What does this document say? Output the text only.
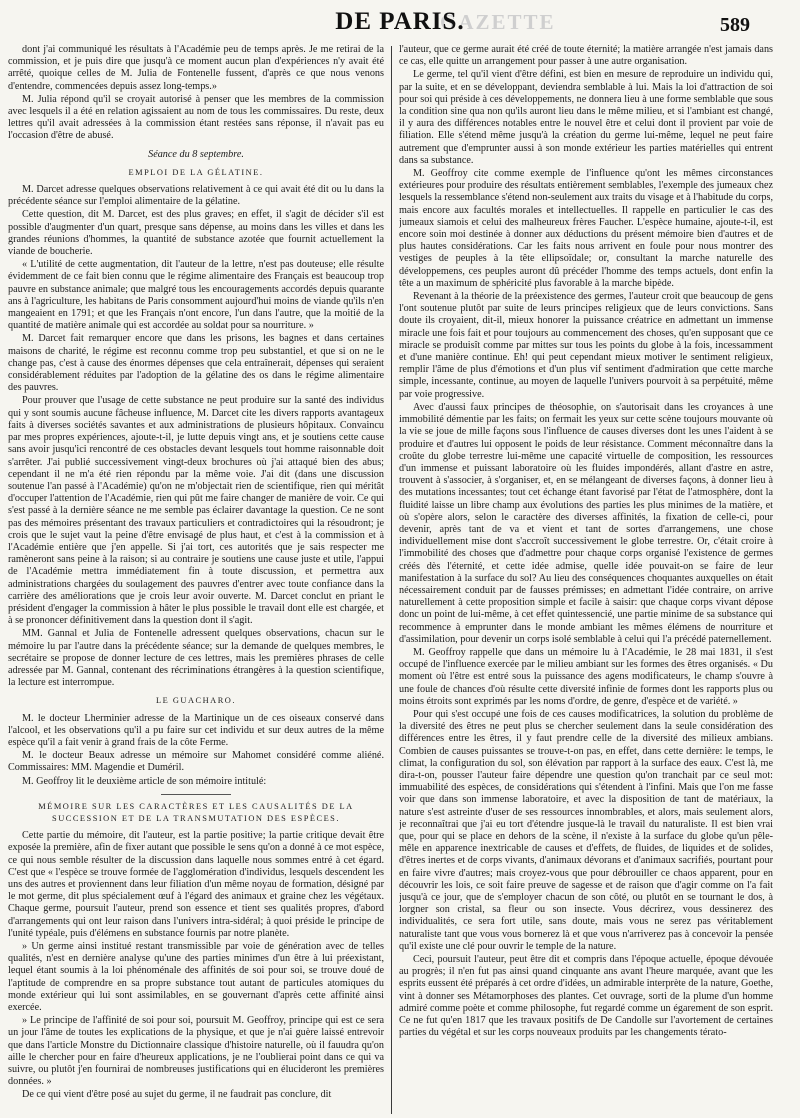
GAZETTE
DE PARIS.	589

dont j'ai communiqué les résultats à l'Académie peu de temps après. Je me retirai de la commission, et je puis dire que jusqu'à ce moment aucun plan d'expériences n'y avait été arrêté, quoique celles de M. Julia de Fontenelle fussent, d'après ce que nous venons d'entendre, commencées depuis assez long-temps.»

M. Julia répond qu'il se croyait autorisé à penser que les membres de la commission avec lesquels il a été en relation agissaient au nom de tous les commissaires. Du reste, deux lettres qu'il avait adressées à la commission étant restées sans réponse, il n'avait pas eu l'occasion d'être de abusé.

Séance du 8 septembre.

EMPLOI DE LA GÉLATINE.

M. Darcet adresse quelques observations relativement à ce qui avait été dit ou lu dans la précédente séance sur l'emploi alimentaire de la gélatine.

Cette question, dit M. Darcet, est des plus graves; en effet, il s'agit de décider s'il est possible d'augmenter d'un quart, presque sans dépense, au moins dans les villes et dans les grandes réunions d'hommes, la quantité de substance azotée que fournit actuellement la viande de boucherie.

« L'utilité de cette augmentation, dit l'auteur de la lettre, n'est pas douteuse; elle résulte évidemment de ce fait bien connu que le régime alimentaire des Français est beaucoup trop pauvre en substance animale; que malgré tous les encouragements accordés depuis quarante ans à l'agriculture, les habitans de Paris consomment aujourd'hui moins de viande qu'ils n'en mangeaient en 1791; et que les Français n'ont encore, l'un dans l'autre, que la moitié de la quantité de matière animale qui est accordée au soldat pour sa nourriture. »

M. Darcet fait remarquer encore que dans les prisons, les bagnes et dans certaines maisons de charité, le régime est reconnu comme trop peu substantiel, et que si on ne le change pas, c'est à cause des énormes dépenses que cela entraînerait, dépenses qui seraient considérablement réduites par l'adoption de la gélatine des os dans le régime alimentaire des pauvres.

Pour prouver que l'usage de cette substance ne peut produire sur la santé des individus qui y sont soumis aucune fâcheuse influence, M. Darcet cite les divers rapports avantageux faits à diverses sociétés savantes et aux administrations de plusieurs hôpitaux. Convaincu par mes propres expériences, ajoute-t-il, je lutte depuis vingt ans, et je soutiens cette cause sans avoir jusqu'ici rencontré de ces obstacles devant lesquels tout homme raisonnable doit s'arrêter. J'ai publié successivement vingt-deux brochures où j'ai attaqué bien des abus; cependant il ne m'a été rien répondu par la même voie. J'ai dit (dans une discussion soutenue l'an passé à l'Académie) qu'on ne m'objectait rien de scientifique, rien qui méritât d'occuper l'attention de l'Académie, rien qui pût me faire changer de manière de voir. Ce qui s'est passé à la dernière séance ne me semble pas éclairer davantage la question. Ce ne sont pas des mémoires présentant des travaux particuliers et contradictoires qui la résoudront; je crois que le sujet vaut la peine d'être envisagé de plus haut, et c'est à la commission et à l'Académie entière que j'en appelle. Si j'ai tort, ces autorités que je sais respecter me ramèneront sans peine à la raison; si au contraire je soutiens une cause juste et utile, l'appui de l'Académie mettra immédiatement fin à toute discussion, et permettra aux administrations chargées du soulagement des pauvres d'entrer avec toute confiance dans la carrière des améliorations que je crois leur avoir ouverte. M. Darcet conclut en priant le président d'engager la commission à hâter le plus possible le travail dont elle est chargée, et à se prononcer définitivement dans la question dont il s'agit.

MM. Gannal et Julia de Fontenelle adressent quelques observations, chacun sur le mémoire lu par l'autre dans la précédente séance; sur la demande de quelques membres, le secrétaire se propose de donner lecture de ces lettres, mais les premières phrases de celle adressée par M. Gannal, contenant des récriminations étrangères à la question scientifique, la lecture est interrompue.

LE GUACHARO.

M. le docteur Lherminier adresse de la Martinique un de ces oiseaux conservé dans l'alcool, et les observations qu'il a pu faire sur cet individu et sur deux autres de la même espèce qu'il a fait venir à grand frais de la côte Ferme.

M. le docteur Beaux adresse un mémoire sur Mahomet considéré comme aliéné. Commissaires: MM. Magendie et Duméril.

M. Geoffroy lit le deuxième article de son mémoire intitulé:

MÉMOIRE SUR LES CARACTÈRES ET LES CAUSALITÉS DE LA SUCCESSION ET DE LA TRANSMUTATION DES ESPÈCES.

Cette partie du mémoire, dit l'auteur, est la partie positive; la partie critique devait être exposée la première, afin de fixer autant que possible le sens qu'on a donné à ce mot espèce, ce qui nous semble résulter de la discussion dans laquelle nous sommes entré à cet égard. C'est que « l'espèce se trouve formée de l'agglomération d'individus, lesquels descendent les uns des autres et proviennent dans leur filiation d'un même noyau de formation, désigné par le mot germe, dit plus spécialement œuf à l'égard des animaux et graine chez les végétaux. Chaque germe, poursuit l'auteur, prend son essence et tient ses qualités propres, d'abord d'arrangements qui ont leur raison dans l'univers intra-sidéral; à quoi préside le principe de l'unité typéale, puis d'élémens en substance fournis par notre planète.

» Un germe ainsi institué restant transmissible par voie de génération avec de telles qualités, n'est en dernière analyse qu'une des parties minimes d'un être à lui préexistant, lequel étant soumis à la loi phénoménale des affinités de soi pour soi, se trouve doué de l'aptitude de comprendre en sa propre substance tout autant de particules atomiques du monde extérieur qui lui sont assimilables, en se gouvernant d'après cette affinité ainsi exercée.

» Le principe de l'affinité de soi pour soi, poursuit M. Geoffroy, principe qui est ce sera un jour l'âme de toutes les explications de la physique, et que je n'ai guère laissé entrevoir que dans l'article Monstre du Dictionnaire classique d'histoire naturelle, où il fauudra qu'on aille le chercher pour en faire d'heureux applications, je ne l'oublierai point dans ce qui va suivre, ou plutôt j'en fournirai de nombreuses justifications qui en élucideront les premières données. »

De ce qui vient d'être posé au sujet du germe, il ne faudrait pas conclure, dit

l'auteur, que ce germe aurait été créé de toute éternité; la matière arrangée n'est jamais dans ce cas, elle quitte un arrangement pour passer à une autre organisation.

Le germe, tel qu'il vient d'être défini, est bien en mesure de reproduire un individu qui, par la suite, et en se développant, deviendra semblable à lui. Mais la loi d'attraction de soi pour soi qui préside à ces développements, ne donnera lieu à une forme semblable que sous la condition sine qua non qu'ils auront lieu dans le même milieu, et si l'ambiant est changé, il y aura des différences notables entre le nouvel être et celui dont il provient par voie de filiation. Elle s'étend même jusqu'à la création du germe lui-même, lequel ne peut faire autrement que d'emprunter aussi à son monde extérieur les parties matérielles qui entrent dans sa substance.

M. Geoffroy cite comme exemple de l'influence qu'ont les mêmes circonstances extérieures pour produire des résultats entièrement semblables, l'exemple des jumeaux chez lesquels la ressemblance s'étend non-seulement aux traits du visage et à l'habitude du corps, mais encore aux facultés morales et intellectuelles. Il rappelle en particulier le cas des jumeaux siamois et celui des malheureux frères Faucher. L'espèce humaine, ajoute-t-il, est encore soin moi destinée à donner aux déductions du présent mémoire bien d'autres et de plus hautes considérations. Car les faits nous arrivent en foule pour nous montrer des vestiges de peuples à la tête ellipsoïdale; or, consultant la marche naturelle des développemens, ces peuples auront dû précéder l'homme des temps actuels, dont enfin la tête a un maximum de sphéricité plus favorable à la marche bipède.

Revenant à la théorie de la préexistence des germes, l'auteur croit que beaucoup de gens l'ont soutenue plutôt par suite de leurs principes religieux que de leurs convictions. Sans doute ils croyaient, dit-il, mieux honorer la puissance créatrice en admettant un immense miracle une fois fait et pour toujours au commencement des choses, qu'en supposant que ce miracle se produisît comme par mittes sur tous les points du globe à la fois, incessamment et d'une manière continue. Eh! qui peut cependant mieux motiver le sentiment religieux, remplir l'âme de plus d'émotions et d'un plus vif sentiment d'admiration que cette marche simple, incessante, continue, au moyen de laquelle l'univers pourvoit à sa perpétuité, même par voie progressive.

Avec d'aussi faux principes de théosophie, on s'autorisait dans les croyances à une immobilité démentie par les faits; on fermait les yeux sur cette scène toujours mouvante où la vie se joue de mille façons sous l'influence de causes diverses dont les unes l'aident à se produire et d'autres lui opposent le poids de leur résistance. Comment méconnaître dans la croûte du globe terrestre lui-même une capacité virtuelle de composition, les ressources d'un immense et puissant laboratoire où les fluides impondérés, allant d'astre en astre, trouvent à s'associer, à s'organiser, et, en se mélangeant de diverses façons, à donner lieu à des mutations incessantes; tout cet échange étant favorisé par l'état de l'atmosphère, dont la fluidité laisse un libre champ aux évolutions des parties les plus minimes de la matière, et où s'opère alors, selon le caractère des diverses affinités, la fixation de celle-ci, pour devenir, après tant de va et vient et tant de sortes d'arrangemens, une chose individuellement mise dont s'accroît successivement le globe terrestre. Or, c'était croire à l'immobilité des choses que d'admettre pour chaque corps organisé l'existence de germes créés dès l'éternité, et cette idée admise, quelle idée pouvait-on se faire de leur manifestation à la surface du sol? Au lieu des conséquences choquantes auxquelles on était nécessairement conduit par de fausses prémisses; en admettant l'idée contraire, on arrive naturellement à cette proposition simple et facile à saisir: que chaque corps vivant dépose donc un point de lui-même, à cet effet quintessencié, une partie minime de sa substance qui recommence à emprunter dans le monde ambiant les mêmes élémens de nourriture et d'assimilation, pour devenir un corps isolé semblable à celui qui l'a précédé paternellement.

M. Geoffroy rappelle que dans un mémoire lu à l'Académie, le 28 mai 1831, il s'est occupé de l'influence exercée par le milieu ambiant sur les formes des êtres organisés. « Du moment où l'être est entré sous la puissance des agens modificateurs, le champ s'ouvre à une foule de chances d'où résulte cette diversité infinie de formes dont les rapports plus ou moins étroits sont exprimés par les noms d'ordre, de genre, d'espèce et de variété. »

Pour qui s'est occupé une fois de ces causes modificatrices, la solution du problème de la diversité des êtres ne peut plus se chercher seulement dans la seule considération des différences entre les êtres, il y faut prendre celle de la diversité des milieux ambians. Combien de causes puissantes se trouve-t-on pas, en effet, dans cette dernière: le temps, le climat, la configuration du sol, son élévation par rapport à la surface des eaux. C'est là, me dira-t-on, pousser l'auteur faire dépendre une question qu'on tranchait par ce seul mot: immuabilité des espèces, de considérations qui s'étendent à l'infini. Mais que l'on me fasse voir que dans son immense laboratoire, et avec la disposition de tant de matériaux, la nature s'est astreinte d'user de ses ressources innombrables, et alors, mais seulement alors, je reconnaîtrai que j'ai eu tort d'étendre jusque-là le travail du naturaliste. Il est bien vrai que, pour qui se place en dehors de la scène, il n'existe à la surface du globe qu'un pêle-mêle en apparence inextricable de causes et d'effets, de fluides, de liquides et de solides, d'êtres inertes et de corps vivants, d'animaux dévorans et d'animaux sacrifiés, pourtant pour en faire vivre d'autres; mais croyez-vous que pour débrouiller ce chaos apparent, pour en découvrir les lois, ce soit faire preuve de sagesse et de raison que d'agir comme on l'a fait jusqu'à ce jour, que de s'employer chacun de son côté, ou plutôt en se tournant le dos, à lorgner son cristal, sa fleur ou son insecte. Vous décrirez, vous dessinerez des individualités, ce sera fort utile, sans doute, mais vous ne serez pas véritablement naturaliste tant que vous vous bornerez là et que vous n'arriverez pas à concevoir la pensée qu'il existe une clé pour ouvrir le temple de la nature.

Ceci, poursuit l'auteur, peut être dit et compris dans l'époque actuelle, époque dévouée au progrès; il n'en fut pas ainsi quand cinquante ans avant l'heure marquée, avant que les esprits eussent été préparés à cet ordre d'idées, un admirable interprète de la nature, Goethe, vint à donner ses Métamorphoses des plantes. Cet ouvrage, sorti de la plume d'un homme admiré comme poète et comme philosophe, fut regardé comme un égarement de son esprit. Ce ne fut qu'en 1817 que les travaux positifs de De Candolle sur l'avortement de certaines parties du végétal et sur les corps nouveaux produits par les changements térato-
